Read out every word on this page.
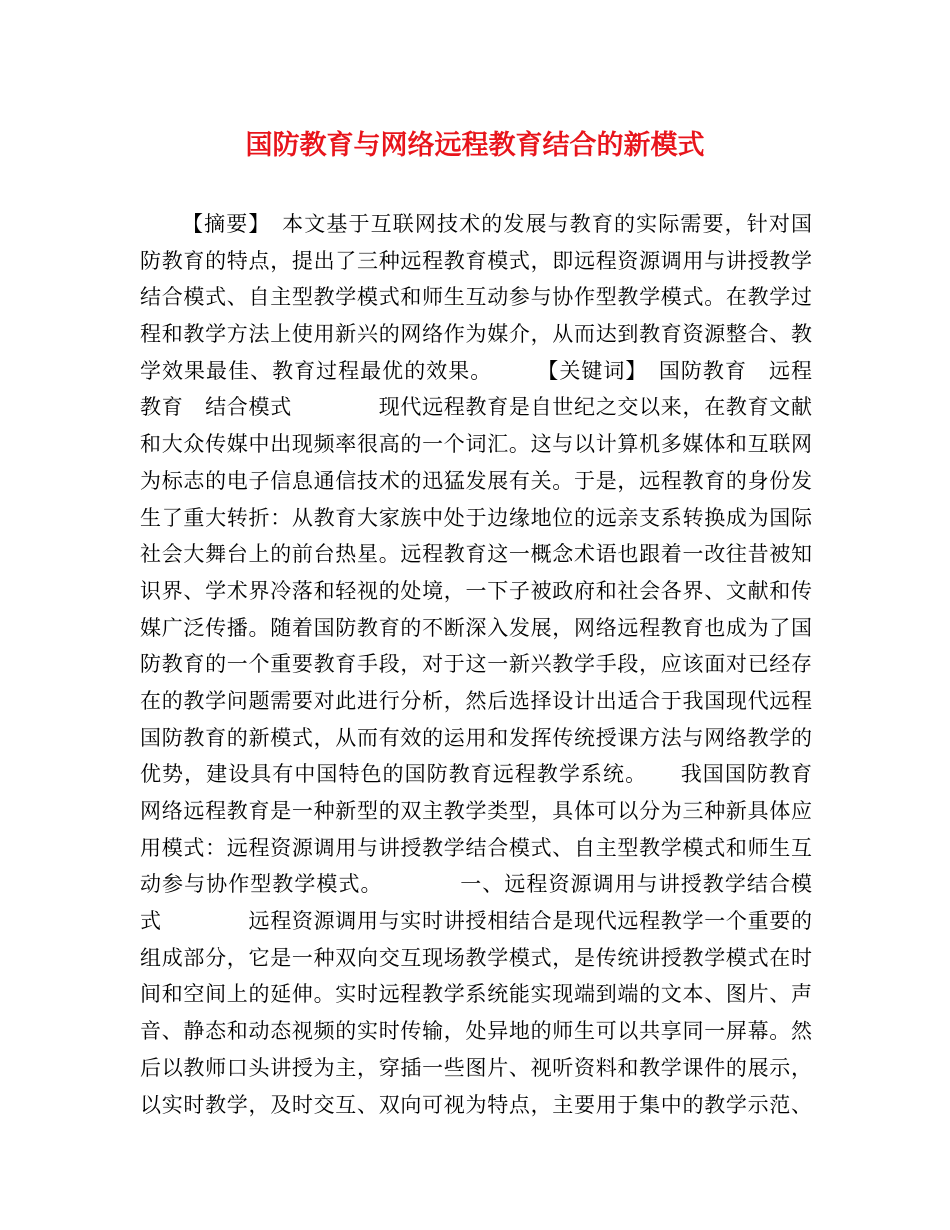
国防教育与网络远程教育结合的新模式
【摘要】　本文基于互联网技术的发展与教育的实际需要，针对国
防教育的特点，提出了三种远程教育模式，即远程资源调用与讲授教学
结合模式、自主型教学模式和师生互动参与协作型教学模式。在教学过
程和教学方法上使用新兴的网络作为媒介，从而达到教育资源整合、教
学效果最佳、教育过程最优的效果。　　　【关键词】　国防教育　远程
教育　结合模式　　　　现代远程教育是自世纪之交以来，在教育文献
和大众传媒中出现频率很高的一个词汇。这与以计算机多媒体和互联网
为标志的电子信息通信技术的迅猛发展有关。于是，远程教育的身份发
生了重大转折：从教育大家族中处于边缘地位的远亲支系转换成为国际
社会大舞台上的前台热星。远程教育这一概念术语也跟着一改往昔被知
识界、学术界冷落和轻视的处境，一下子被政府和社会各界、文献和传
媒广泛传播。随着国防教育的不断深入发展，网络远程教育也成为了国
防教育的一个重要教育手段，对于这一新兴教学手段，应该面对已经存
在的教学问题需要对此进行分析，然后选择设计出适合于我国现代远程
国防教育的新模式，从而有效的运用和发挥传统授课方法与网络教学的
优势，建设具有中国特色的国防教育远程教学系统。　　我国国防教育
网络远程教育是一种新型的双主教学类型，具体可以分为三种新具体应
用模式：远程资源调用与讲授教学结合模式、自主型教学模式和师生互
动参与协作型教学模式。　　　　一、远程资源调用与讲授教学结合模
式　　　　远程资源调用与实时讲授相结合是现代远程教学一个重要的
组成部分，它是一种双向交互现场教学模式，是传统讲授教学模式在时
间和空间上的延伸。实时远程教学系统能实现端到端的文本、图片、声
音、静态和动态视频的实时传输，处异地的师生可以共享同一屏幕。然
后以教师口头讲授为主，穿插一些图片、视听资料和教学课件的展示，
以实时教学，及时交互、双向可视为特点，主要用于集中的教学示范、
